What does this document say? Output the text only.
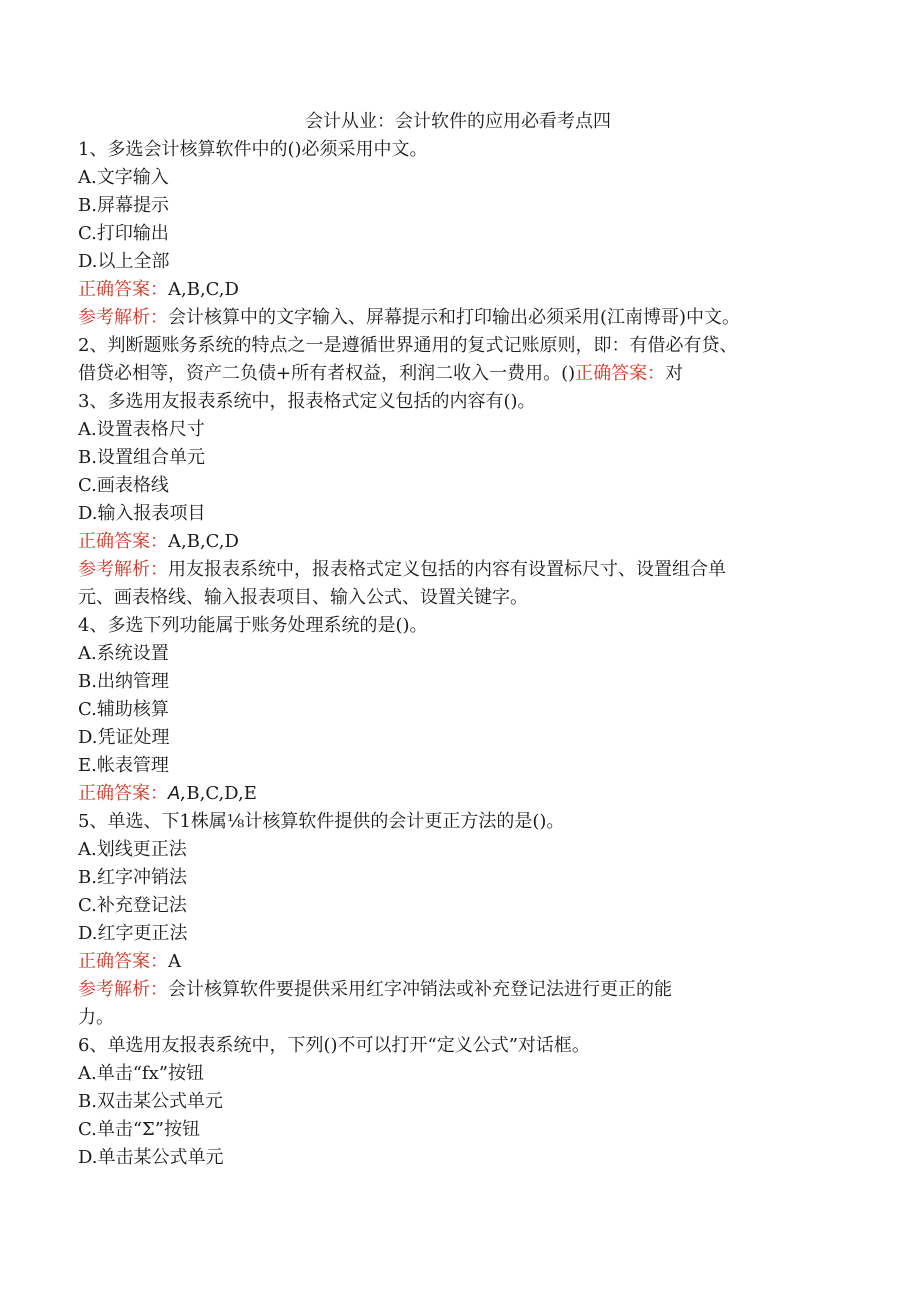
会计从业：会计软件的应用必看考点四
1、多选会计核算软件中的()必须采用中文。
A.文字输入
B.屏幕提示
C.打印输出
D.以上全部
正确答案：A,B,C,D
参考解析：会计核算中的文字输入、屏幕提示和打印输出必须采用(江南博哥)中文。
2、判断题账务系统的特点之一是遵循世界通用的复式记账原则，即：有借必有贷、
借贷必相等，资产二负债+所有者权益，利润二收入一费用。()正确答案：对
3、多选用友报表系统中，报表格式定义包括的内容有()。
A.设置表格尺寸
B.设置组合单元
C.画表格线
D.输入报表项目
正确答案：A,B,C,D
参考解析：用友报表系统中，报表格式定义包括的内容有设置标尺寸、设置组合单
元、画表格线、输入报表项目、输入公式、设置关键字。
4、多选下列功能属于账务处理系统的是()。
A.系统设置
B.出纳管理
C.辅助核算
D.凭证处理
E.帐表管理
正确答案：A,B,C,D,E
5、单选、下1株属⅛计核算软件提供的会计更正方法的是()。
A.划线更正法
B.红字冲销法
C.补充登记法
D.红字更正法
正确答案：A
参考解析：会计核算软件要提供采用红字冲销法或补充登记法进行更正的能
力。
6、单选用友报表系统中，下列()不可以打开“定义公式”对话框。
A.单击“fx”按钮
B.双击某公式单元
C.单击“Σ”按钮
D.单击某公式单元
